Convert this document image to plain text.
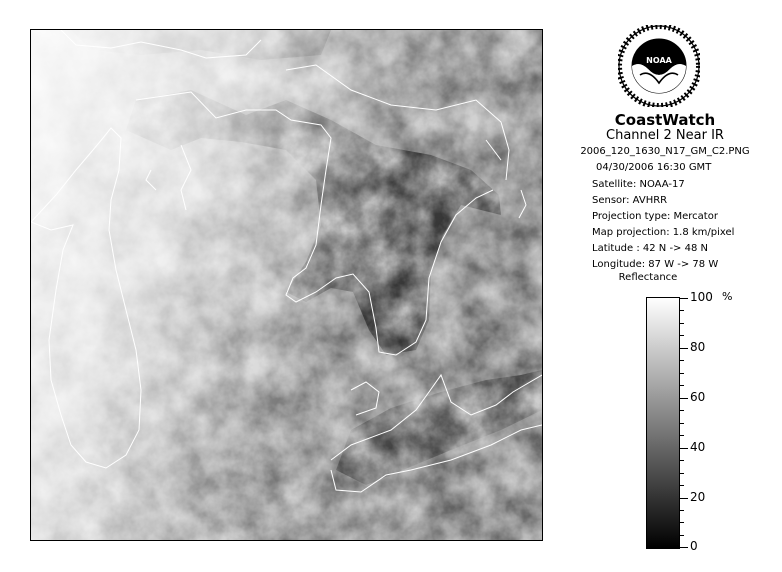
NOAA
CoastWatch
Channel 2 Near IR
2006_120_1630_N17_GM_C2.PNG
04/30/2006 16:30 GMT
Satellite: NOAA-17
Sensor: AVHRR
Projection type: Mercator
Map projection: 1.8 km/pixel
Latitude : 42 N -> 48 N
Longitude: 87 W -> 78 W
Reflectance
%
100
80
60
40
20
0
